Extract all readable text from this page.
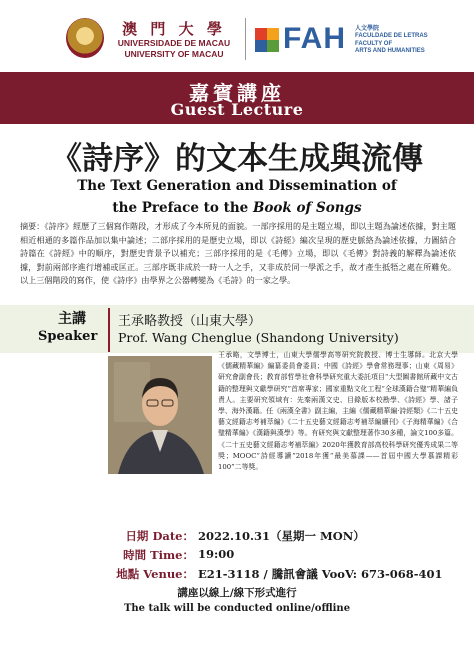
澳 門 大 學
UNIVERSIDADE DE MACAU
UNIVERSITY OF MACAU	FAH 人文學院
FACULDADE DE LETRAS
FACULTY OF
ARTS AND HUMANITIES
嘉賓講座
Guest Lecture
《詩序》的文本生成與流傳
The Text Generation and Dissemination of
the Preface to the Book of Songs
摘要：《詩序》經歷了三個寫作階段，才形成了今本所見的面貌。一部序採用的是主題立場，即以主題為論述依據，對主題相近相通的多篇作品加以集中論述；二部序採用的是歷史立場，即以《詩經》編次呈現的歷史脈絡為論述依據，力圖結合詩篇在《詩經》中的順序，對歷史背景予以補充；三部序採用的是《毛傳》立場，即以《毛傳》對詩義的解釋為論述依據，對前兩部序進行增補或匡正。三部序既非成於一時一人之手，又非成於同一學派之手，故才產生抵牾之處在所難免。以上三個階段的寫作，使《詩序》由學界之公器轉變為《毛詩》的一家之學。
主講
Speaker
王承略教授（山東大學）
Prof. Wang Chenglue (Shandong University)
王承略，文學博士，山東大學儒學高等研究院教授、博士生導師。北京大學《儒藏精華編》編纂委員會委員；中國《詩經》學會常務理事；山東《周易》研究會副會長；教育部哲學社會科學研究重大委託項目“大型圖書館所藏中文古籍的整理與文獻學研究”首席專家；國家重點文化工程“全球漢籍合璧”精華編負責人。主要研究領域有：先秦兩漢文史、目錄版本校勘學、《詩經》學、諸子學、海外漢籍。任《兩漢全書》副主編，主編《儒藏精華編·詩經類》《二十五史藝文經籍志考補萃編》《二十五史藝文經籍志考補萃編續刊》《子海精華編》《合璧精華編》《漢籍與漢學》等。有研究與文獻整理著作30多種，論文100多篇。《二十五史藝文經籍志考補萃編》2020年獲教育部高校科學研究優秀成果二等獎；MOOC“詩經導讀”2018年獲“最美慕課——首屆中國大學慕課精彩100”二等獎。
日期 Date： 2022.10.31（星期一 MON）
時間 Time： 19:00
地點 Venue： E21-3118 / 騰訊會議 VooV: 673-068-401
講座以線上/線下形式進行
The talk will be conducted online/offline
